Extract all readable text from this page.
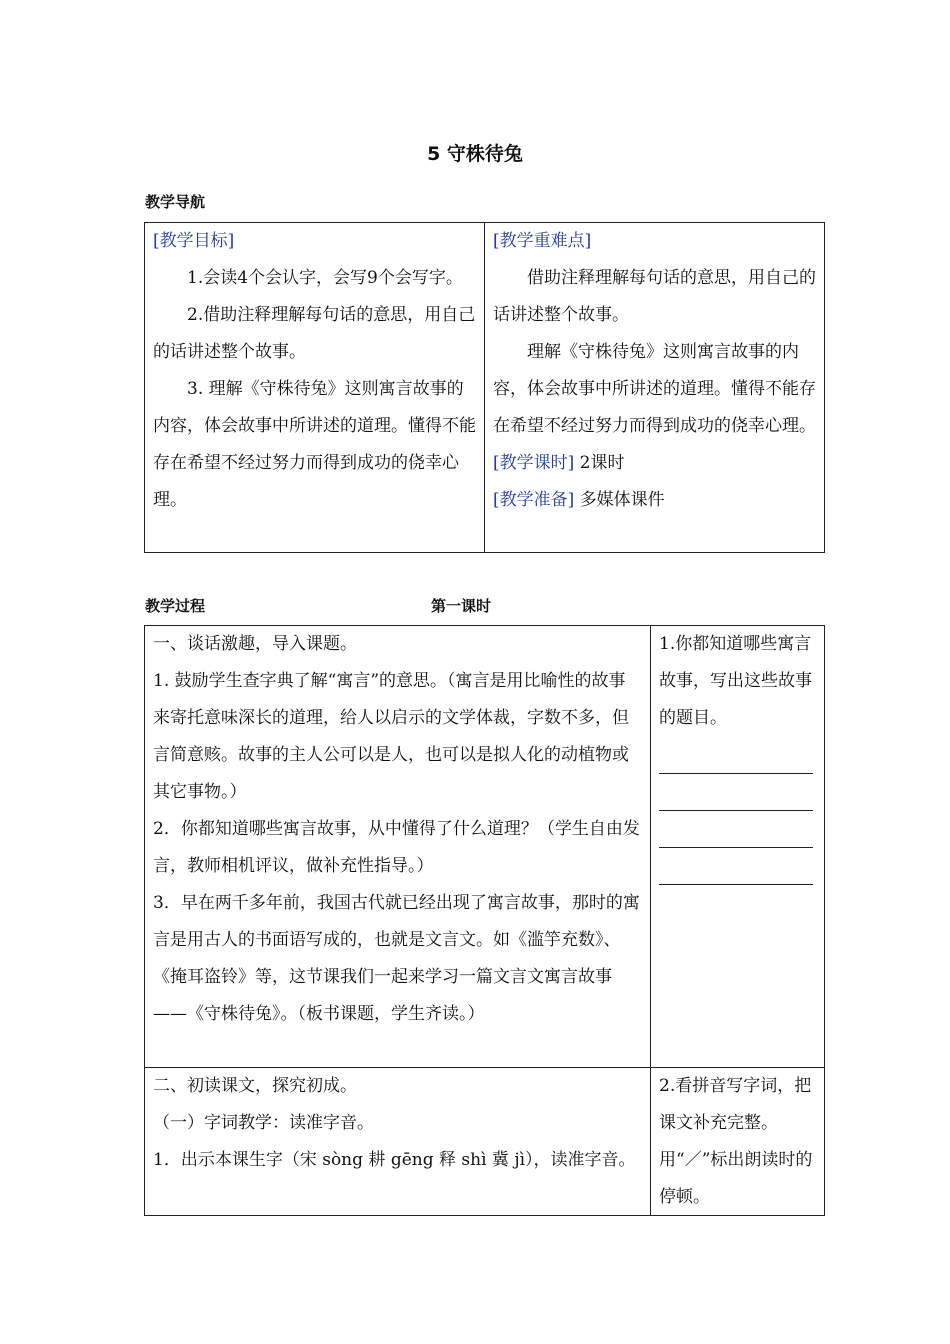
5 守株待兔
教学导航

[教学目标]

1.会读4个会认字，会写9个会写字。

2.借助注释理解每句话的意思，用自己的话讲述整个故事。

3. 理解《守株待兔》这则寓言故事的内容，体会故事中所讲述的道理。懂得不能存在希望不经过努力而得到成功的侥幸心理。

[教学重难点]

借助注释理解每句话的意思，用自己的话讲述整个故事。

理解《守株待兔》这则寓言故事的内容，体会故事中所讲述的道理。懂得不能存在希望不经过努力而得到成功的侥幸心理。

[教学课时] 2课时

[教学准备] 多媒体课件

教学过程	第一课时

一、谈话激趣，导入课题。

1. 鼓励学生查字典了解“寓言”的意思。（寓言是用比喻性的故事来寄托意味深长的道理，给人以启示的文学体裁，字数不多，但言简意赅。故事的主人公可以是人，也可以是拟人化的动植物或其它事物。）

2．你都知道哪些寓言故事，从中懂得了什么道理？（学生自由发言，教师相机评议，做补充性指导。）

3．早在两千多年前，我国古代就已经出现了寓言故事，那时的寓言是用古人的书面语写成的，也就是文言文。如《滥竽充数》、《掩耳盗铃》等，这节课我们一起来学习一篇文言文寓言故事——《守株待兔》。（板书课题，学生齐读。）

1.你都知道哪些寓言故事，写出这些故事的题目。

二、初读课文，探究初成。

（一）字词教学：读准字音。

1．出示本课生字（宋 sòng 耕 gēng 释 shì 冀 jì），读准字音。

2.看拼音写字词，把课文补充完整。用“／”标出朗读时的停顿。
